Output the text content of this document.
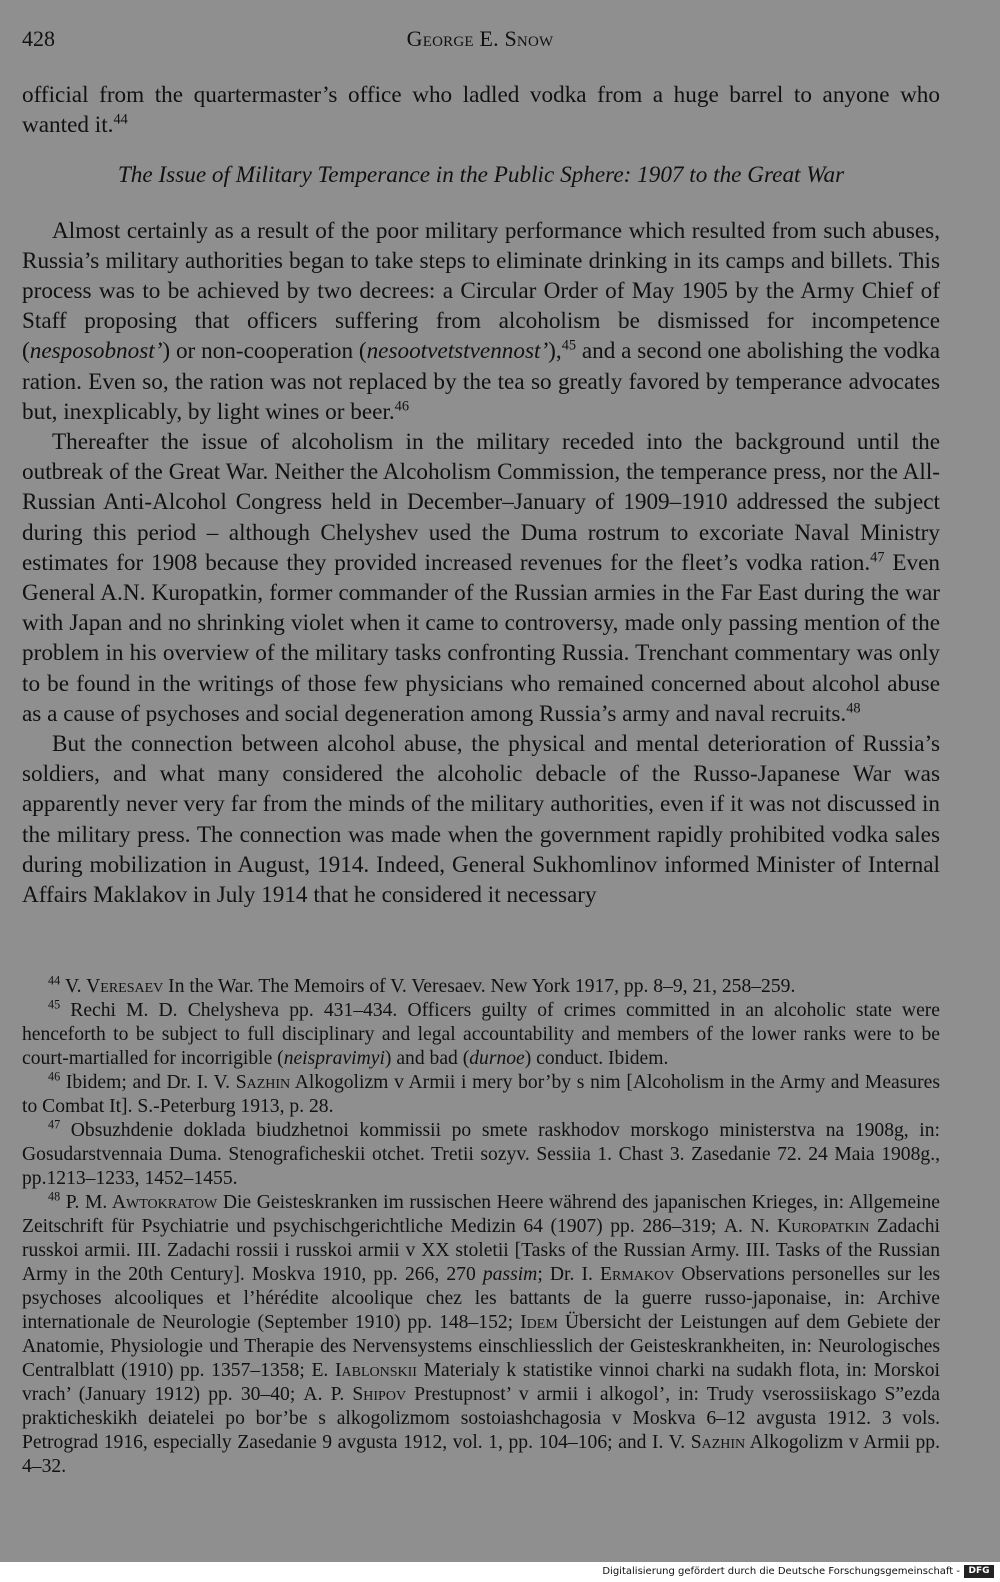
428	George E. Snow

official from the quartermaster’s office who ladled vodka from a huge barrel to anyone who wanted it.$^{44}$

The Issue of Military Temperance in the Public Sphere: 1907 to the Great War

Almost certainly as a result of the poor military performance which resulted from such abuses, Russia’s military authorities began to take steps to eliminate drinking in its camps and billets. This process was to be achieved by two decrees: a Circular Order of May 1905 by the Army Chief of Staff proposing that officers suffering from alcoholism be dismissed for incompetence (nesposobnost’) or non-cooperation (nesootvetstvennost’),$^{45}$ and a second one abolishing the vodka ration. Even so, the ration was not replaced by the tea so greatly favored by temperance advocates but, inexplicably, by light wines or beer.$^{46}$

Thereafter the issue of alcoholism in the military receded into the background until the outbreak of the Great War. Neither the Alcoholism Commission, the temperance press, nor the All-Russian Anti-Alcohol Congress held in December–January of 1909–1910 addressed the subject during this period – although Chelyshev used the Duma rostrum to excoriate Naval Ministry estimates for 1908 because they provided increased revenues for the fleet’s vodka ration.$^{47}$ Even General A.N. Kuropatkin, former commander of the Russian armies in the Far East during the war with Japan and no shrinking violet when it came to controversy, made only passing mention of the problem in his overview of the military tasks confronting Russia. Trenchant commentary was only to be found in the writings of those few physicians who remained concerned about alcohol abuse as a cause of psychoses and social degeneration among Russia’s army and naval recruits.$^{48}$

But the connection between alcohol abuse, the physical and mental deterioration of Russia’s soldiers, and what many considered the alcoholic debacle of the Russo-Japanese War was apparently never very far from the minds of the military authorities, even if it was not discussed in the military press. The connection was made when the government rapidly prohibited vodka sales during mobilization in August, 1914. Indeed, General Sukhomlinov informed Minister of Internal Affairs Maklakov in July 1914 that he considered it necessary

$^{44}$ V. Veresaev In the War. The Memoirs of V. Veresaev. New York 1917, pp. 8–9, 21, 258–259.

$^{45}$ Rechi M. D. Chelysheva pp. 431–434. Officers guilty of crimes committed in an alcoholic state were henceforth to be subject to full disciplinary and legal accountability and members of the lower ranks were to be court-martialled for incorrigible (neispravimyi) and bad (durnoe) conduct. Ibidem.

$^{46}$ Ibidem; and Dr. I. V. Sazhin Alkogolizm v Armii i mery bor’by s nim [Alcoholism in the Army and Measures to Combat It]. S.-Peterburg 1913, p. 28.

$^{47}$ Obsuzhdenie doklada biudzhetnoi kommissii po smete raskhodov morskogo ministerstva na 1908g, in: Gosudarstvennaia Duma. Stenograficheskii otchet. Tretii sozyv. Sessiia 1. Chast 3. Zasedanie 72. 24 Maia 1908g., pp.1213–1233, 1452–1455.

$^{48}$ P. M. Awtokratow Die Geisteskranken im russischen Heere während des japanischen Krieges, in: Allgemeine Zeitschrift für Psychiatrie und psychischgerichtliche Medizin 64 (1907) pp. 286–319; A. N. Kuropatkin Zadachi russkoi armii. III. Zadachi rossii i russkoi armii v XX stoletii [Tasks of the Russian Army. III. Tasks of the Russian Army in the 20th Century]. Moskva 1910, pp. 266, 270 passim; Dr. I. Ermakov Observations personelles sur les psychoses alcooliques et l’hérédite alcoolique chez les battants de la guerre russo-japonaise, in: Archive internationale de Neurologie (September 1910) pp. 148–152; Idem Übersicht der Leistungen auf dem Gebiete der Anatomie, Physiologie und Therapie des Nervensystems einschliesslich der Geisteskrankheiten, in: Neurologisches Centralblatt (1910) pp. 1357–1358; E. Iablonskii Materialy k statistike vinnoi charki na sudakh flota, in: Morskoi vrach’ (January 1912) pp. 30–40; A. P. Shipov Prestupnost’ v armii i alkogol’, in: Trudy vserossiiskago S”ezda prakticheskikh deiatelei po bor’be s alkogolizmom sostoiashchagosia v Moskva 6–12 avgusta 1912. 3 vols. Petrograd 1916, especially Zasedanie 9 avgusta 1912, vol. 1, pp. 104–106; and I. V. Sazhin Alkogolizm v Armii pp. 4–32.

Digitalisierung gefördert durch die Deutsche Forschungsgemeinschaft - DFG
